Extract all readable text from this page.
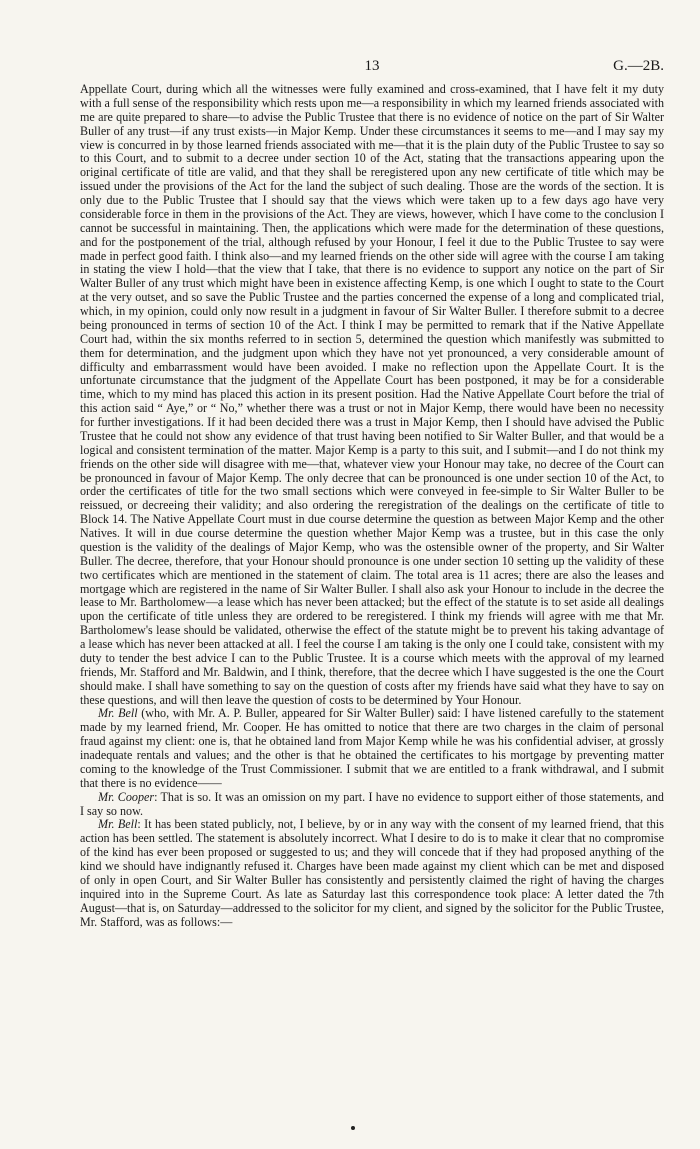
13	G.—2B.

Appellate Court, during which all the witnesses were fully examined and cross-examined, that I have felt it my duty with a full sense of the responsibility which rests upon me—a responsibility in which my learned friends associated with me are quite prepared to share—to advise the Public Trustee that there is no evidence of notice on the part of Sir Walter Buller of any trust—if any trust exists—in Major Kemp. Under these circumstances it seems to me—and I may say my view is concurred in by those learned friends associated with me—that it is the plain duty of the Public Trustee to say so to this Court, and to submit to a decree under section 10 of the Act, stating that the transactions appearing upon the original certificate of title are valid, and that they shall be reregistered upon any new certificate of title which may be issued under the provisions of the Act for the land the subject of such dealing. Those are the words of the section. It is only due to the Public Trustee that I should say that the views which were taken up to a few days ago have very considerable force in them in the provisions of the Act. They are views, however, which I have come to the conclusion I cannot be successful in maintaining. Then, the applications which were made for the determination of these questions, and for the postponement of the trial, although refused by your Honour, I feel it due to the Public Trustee to say were made in perfect good faith. I think also—and my learned friends on the other side will agree with the course I am taking in stating the view I hold—that the view that I take, that there is no evidence to support any notice on the part of Sir Walter Buller of any trust which might have been in existence affecting Kemp, is one which I ought to state to the Court at the very outset, and so save the Public Trustee and the parties concerned the expense of a long and complicated trial, which, in my opinion, could only now result in a judgment in favour of Sir Walter Buller. I therefore submit to a decree being pronounced in terms of section 10 of the Act. I think I may be permitted to remark that if the Native Appellate Court had, within the six months referred to in section 5, determined the question which manifestly was submitted to them for determination, and the judgment upon which they have not yet pronounced, a very considerable amount of difficulty and embarrassment would have been avoided. I make no reflection upon the Appellate Court. It is the unfortunate circumstance that the judgment of the Appellate Court has been postponed, it may be for a considerable time, which to my mind has placed this action in its present position. Had the Native Appellate Court before the trial of this action said “ Aye,” or “ No,” whether there was a trust or not in Major Kemp, there would have been no necessity for further investigations. If it had been decided there was a trust in Major Kemp, then I should have advised the Public Trustee that he could not show any evidence of that trust having been notified to Sir Walter Buller, and that would be a logical and consistent termination of the matter. Major Kemp is a party to this suit, and I submit—and I do not think my friends on the other side will disagree with me—that, whatever view your Honour may take, no decree of the Court can be pronounced in favour of Major Kemp. The only decree that can be pronounced is one under section 10 of the Act, to order the certificates of title for the two small sections which were conveyed in fee-simple to Sir Walter Buller to be reissued, or decreeing their validity; and also ordering the reregistration of the dealings on the certificate of title to Block 14. The Native Appellate Court must in due course determine the question as between Major Kemp and the other Natives. It will in due course determine the question whether Major Kemp was a trustee, but in this case the only question is the validity of the dealings of Major Kemp, who was the ostensible owner of the property, and Sir Walter Buller. The decree, therefore, that your Honour should pronounce is one under section 10 setting up the validity of these two certificates which are mentioned in the statement of claim. The total area is 11 acres; there are also the leases and mortgage which are registered in the name of Sir Walter Buller. I shall also ask your Honour to include in the decree the lease to Mr. Bartholomew—a lease which has never been attacked; but the effect of the statute is to set aside all dealings upon the certificate of title unless they are ordered to be reregistered. I think my friends will agree with me that Mr. Bartholomew's lease should be validated, otherwise the effect of the statute might be to prevent his taking advantage of a lease which has never been attacked at all. I feel the course I am taking is the only one I could take, consistent with my duty to tender the best advice I can to the Public Trustee. It is a course which meets with the approval of my learned friends, Mr. Stafford and Mr. Baldwin, and I think, therefore, that the decree which I have suggested is the one the Court should make. I shall have something to say on the question of costs after my friends have said what they have to say on these questions, and will then leave the question of costs to be determined by Your Honour.

Mr. Bell (who, with Mr. A. P. Buller, appeared for Sir Walter Buller) said: I have listened carefully to the statement made by my learned friend, Mr. Cooper. He has omitted to notice that there are two charges in the claim of personal fraud against my client: one is, that he obtained land from Major Kemp while he was his confidential adviser, at grossly inadequate rentals and values; and the other is that he obtained the certificates to his mortgage by preventing matter coming to the knowledge of the Trust Commissioner. I submit that we are entitled to a frank withdrawal, and I submit that there is no evidence——

Mr. Cooper: That is so. It was an omission on my part. I have no evidence to support either of those statements, and I say so now.

Mr. Bell: It has been stated publicly, not, I believe, by or in any way with the consent of my learned friend, that this action has been settled. The statement is absolutely incorrect. What I desire to do is to make it clear that no compromise of the kind has ever been proposed or suggested to us; and they will concede that if they had proposed anything of the kind we should have indignantly refused it. Charges have been made against my client which can be met and disposed of only in open Court, and Sir Walter Buller has consistently and persistently claimed the right of having the charges inquired into in the Supreme Court. As late as Saturday last this correspondence took place: A letter dated the 7th August—that is, on Saturday—addressed to the solicitor for my client, and signed by the solicitor for the Public Trustee, Mr. Stafford, was as follows:—
